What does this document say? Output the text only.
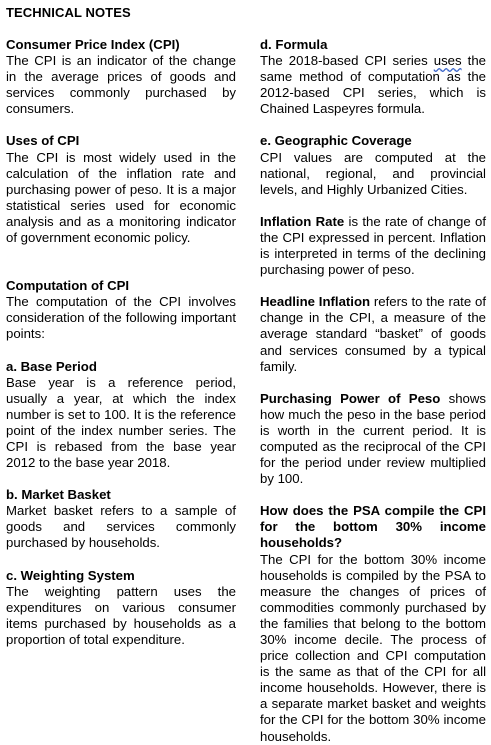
TECHNICAL NOTES
Consumer Price Index (CPI)

The CPI is an indicator of the change in the average prices of goods and services commonly purchased by consumers.

Uses of CPI

The CPI is most widely used in the calculation of the inflation rate and purchasing power of peso. It is a major statistical series used for economic analysis and as a monitoring indicator of government economic policy.

Computation of CPI

The computation of the CPI involves consideration of the following important points:

a. Base Period

Base year is a reference period, usually a year, at which the index number is set to 100. It is the reference point of the index number series. The CPI is rebased from the base year 2012 to the base year 2018.

b. Market Basket

Market basket refers to a sample of goods and services commonly purchased by households.

c. Weighting System

The weighting pattern uses the expenditures on various consumer items purchased by households as a proportion of total expenditure.

d. Formula

The 2018-based CPI series uses the same method of computation as the 2012-based CPI series, which is Chained Laspeyres formula.

e. Geographic Coverage

CPI values are computed at the national, regional, and provincial levels, and Highly Urbanized Cities.

Inflation Rate is the rate of change of the CPI expressed in percent. Inflation is interpreted in terms of the declining purchasing power of peso.

Headline Inflation refers to the rate of change in the CPI, a measure of the average standard “basket” of goods and services consumed by a typical family.

Purchasing Power of Peso shows how much the peso in the base period is worth in the current period. It is computed as the reciprocal of the CPI for the period under review multiplied by 100.

How does the PSA compile the CPI for the bottom 30% income households?

The CPI for the bottom 30% income households is compiled by the PSA to measure the changes of prices of commodities commonly purchased by the families that belong to the bottom 30% income decile. The process of price collection and CPI computation is the same as that of the CPI for all income households. However, there is a separate market basket and weights for the CPI for the bottom 30% income households.
